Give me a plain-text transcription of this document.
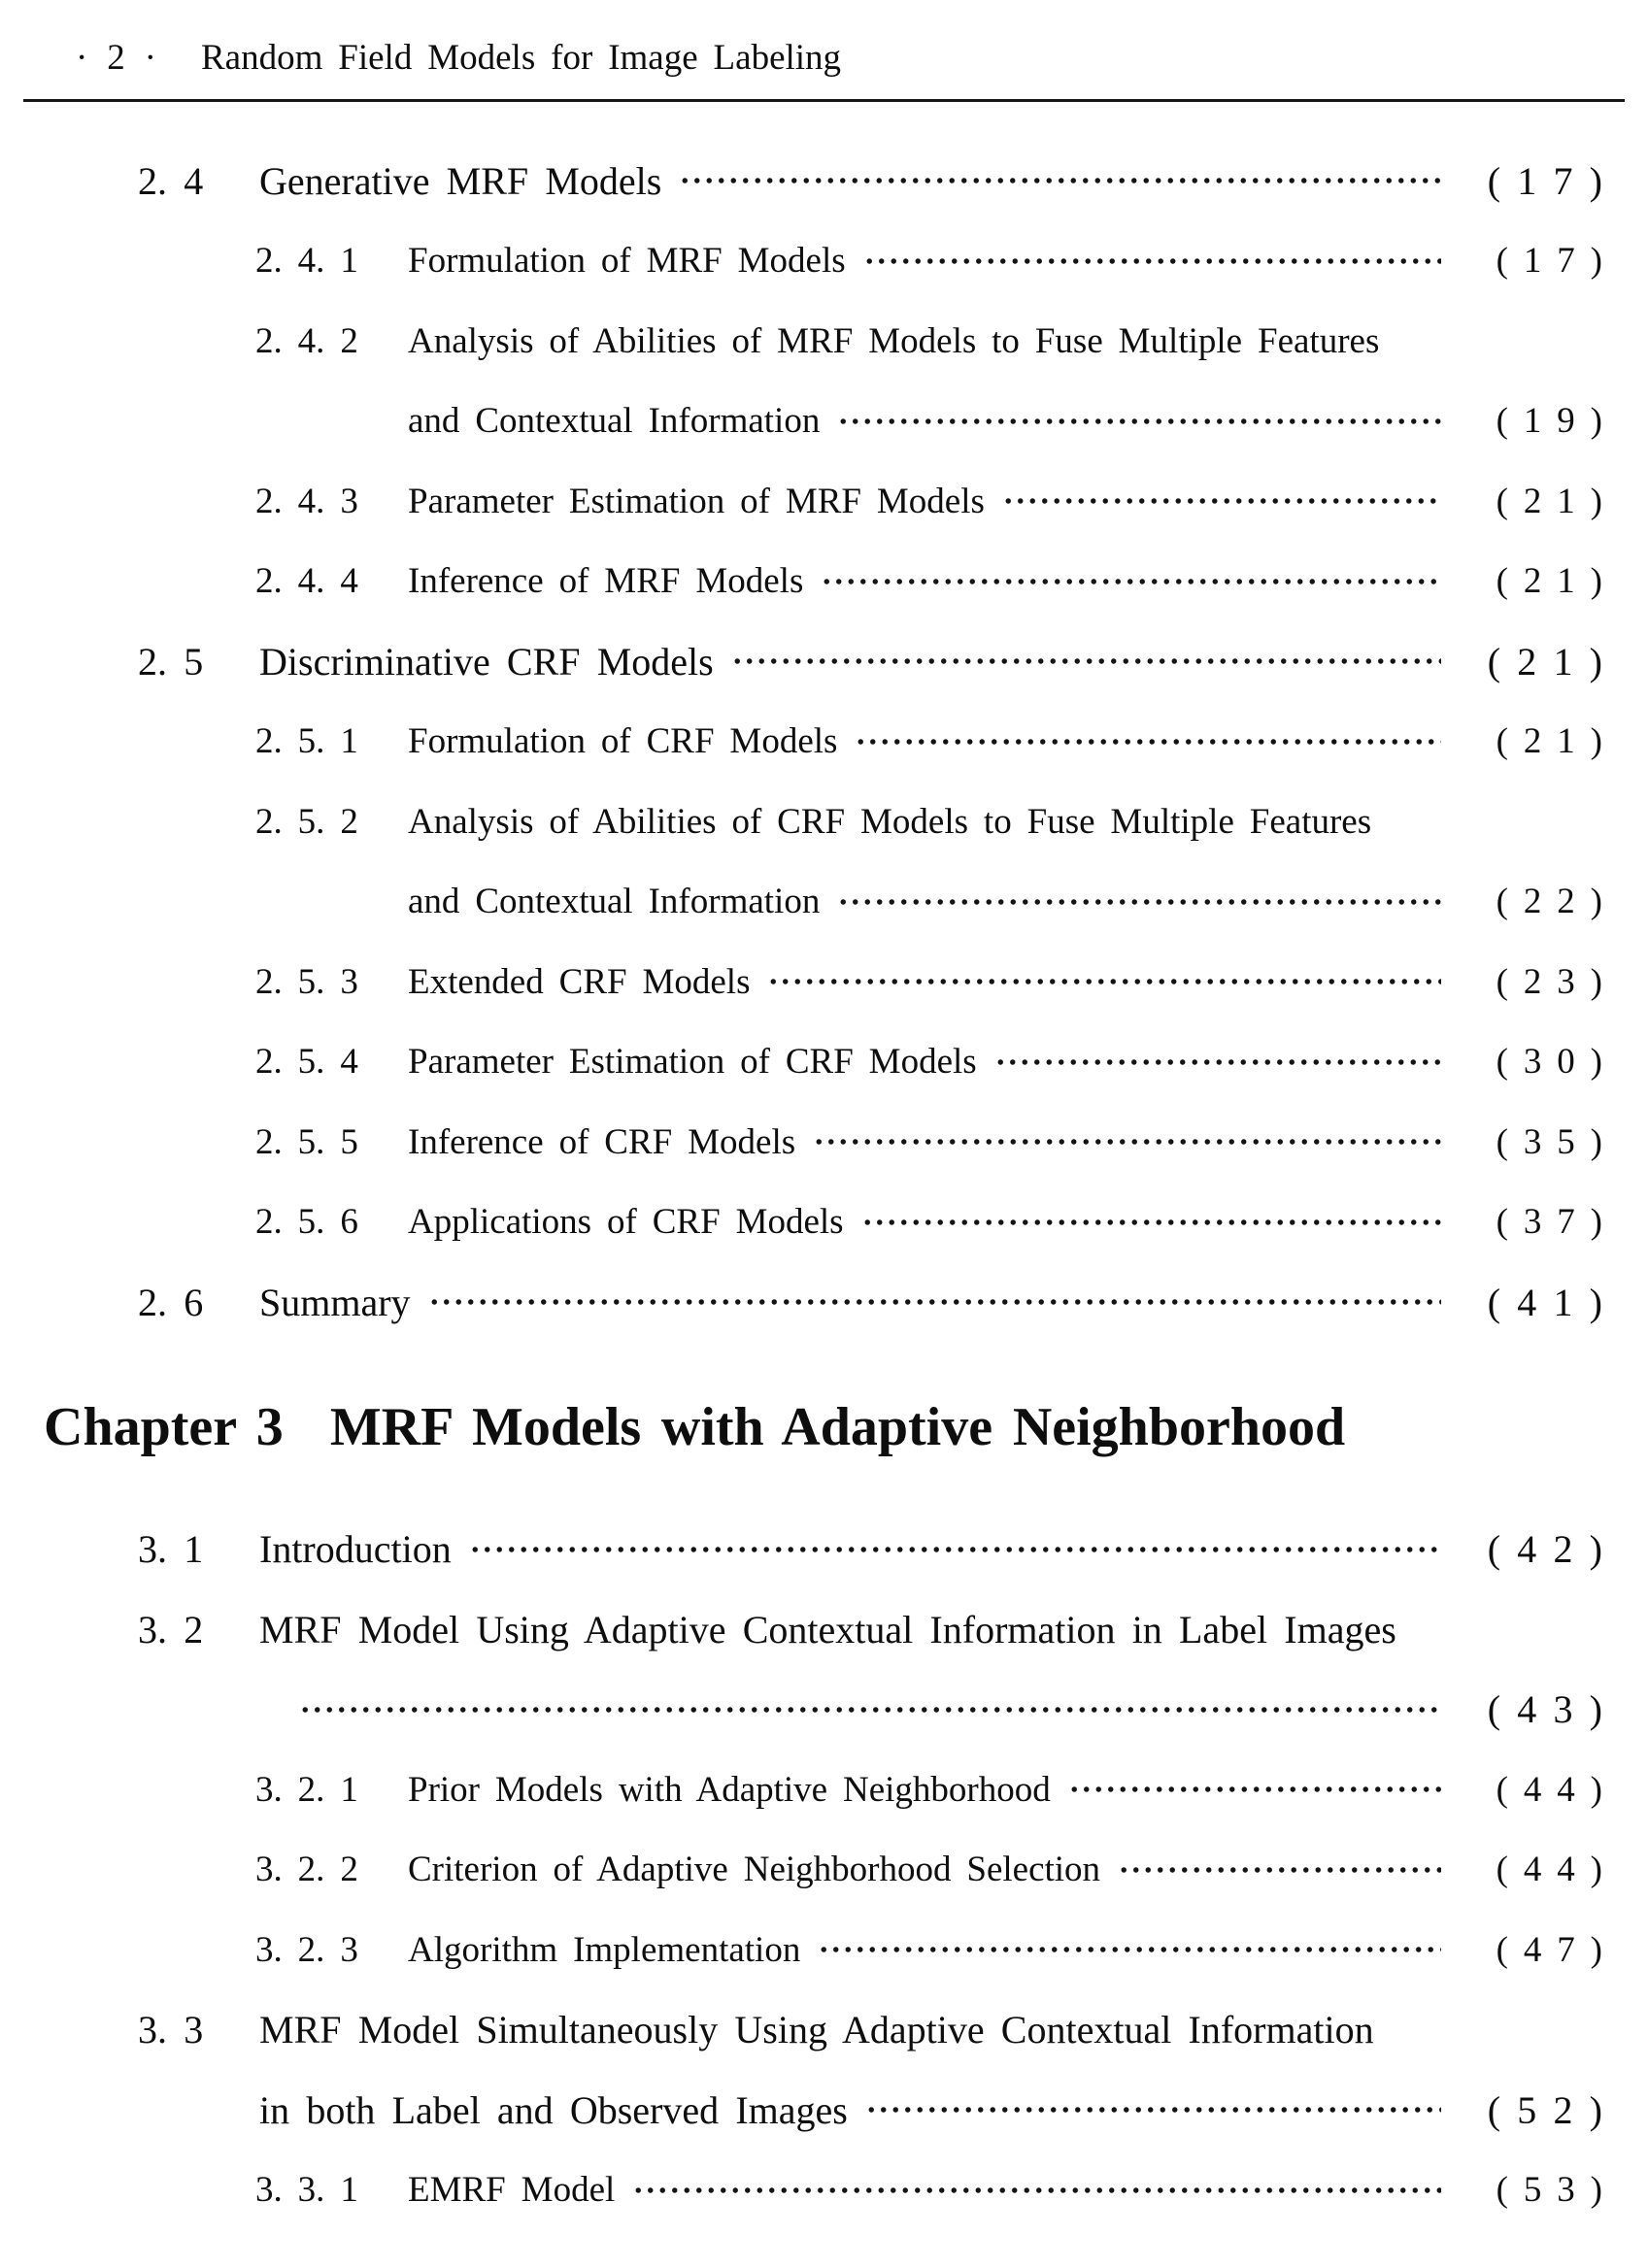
· 2 · Random Field Models for Image Labeling
2. 4	Generative MRF Models	( 1 7 )
2. 4. 1	Formulation of MRF Models	( 1 7 )
2. 4. 2	Analysis of Abilities of MRF Models to Fuse Multiple Features
and Contextual Information	( 1 9 )
2. 4. 3	Parameter Estimation of MRF Models	( 2 1 )
2. 4. 4	Inference of MRF Models	( 2 1 )
2. 5	Discriminative CRF Models	( 2 1 )
2. 5. 1	Formulation of CRF Models	( 2 1 )
2. 5. 2	Analysis of Abilities of CRF Models to Fuse Multiple Features
and Contextual Information	( 2 2 )
2. 5. 3	Extended CRF Models	( 2 3 )
2. 5. 4	Parameter Estimation of CRF Models	( 3 0 )
2. 5. 5	Inference of CRF Models	( 3 5 )
2. 5. 6	Applications of CRF Models	( 3 7 )
2. 6	Summary	( 4 1 )
Chapter 3 MRF Models with Adaptive Neighborhood
3. 1	Introduction	( 4 2 )
3. 2	MRF Model Using Adaptive Contextual Information in Label Images
( 4 3 )
3. 2. 1	Prior Models with Adaptive Neighborhood	( 4 4 )
3. 2. 2	Criterion of Adaptive Neighborhood Selection	( 4 4 )
3. 2. 3	Algorithm Implementation	( 4 7 )
3. 3	MRF Model Simultaneously Using Adaptive Contextual Information
in both Label and Observed Images	( 5 2 )
3. 3. 1	EMRF Model	( 5 3 )
